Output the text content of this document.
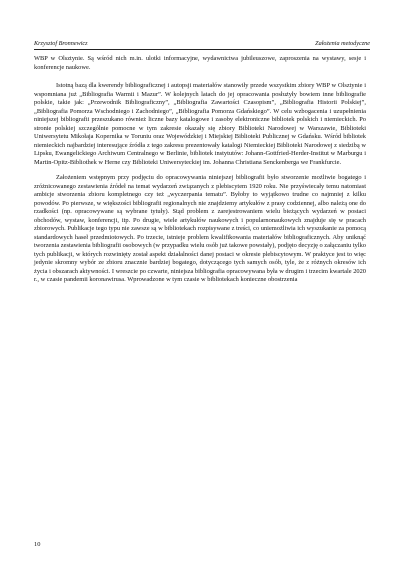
Krzysztof Bronnewicz	Założenia metodyczne

WBP w Olsztynie. Są wśród nich m.in. ulotki informacyjne, wydawnictwa jubileuszowe, zaproszenia na wystawy, sesje i konferencje naukowe.

Istotną bazą dla kwerendy bibliograficznej i autopsji materiałów stanowiły przede wszystkim zbiory WBP w Olsztynie i wspomniana już „Bibliografia Warmii i Mazur”. W kolejnych latach do jej opracowania posłużyły bowiem inne bibliografie polskie, takie jak: „Przewodnik Bibliograficzny”, „Bibliografia Zawartości Czasopism”, „Bibliografia Historii Polskiej”, „Bibliografia Pomorza Wschodniego i Zachodniego”, „Bibliografia Pomorza Gdańskiego”. W celu wzbogacenia i uzupełnienia niniejszej bibliografii przeszukano również liczne bazy katalogowe i zasoby elektroniczne bibliotek polskich i niemieckich. Po stronie polskiej szczególnie pomocne w tym zakresie okazały się zbiory Biblioteki Narodowej w Warszawie, Biblioteki Uniwersytetu Mikołaja Kopernika w Toruniu oraz Wojewódzkiej i Miejskiej Biblioteki Publicznej w Gdańsku. Wśród bibliotek niemieckich najbardziej interesujące źródła z tego zakresu prezentowały katalogi Niemieckiej Biblioteki Narodowej z siedzibą w Lipsku, Ewangelickiego Archiwum Centralnego w Berlinie, bibliotek instytutów: Johann-Gottfried-Herder-Institut w Marburgu i Martin-Opitz-Bibliothek w Herne czy Biblioteki Uniwersyteckiej im. Johanna Christiana Senckenberga we Frankfurcie.

Założeniem wstępnym przy podjęciu do opracowywania niniejszej bibliografii było stworzenie możliwie bogatego i zróżnicowanego zestawienia źródeł na temat wydarzeń związanych z plebiscytem 1920 roku. Nie przyświecały temu natomiast ambicje stworzenia zbioru kompletnego czy też „wyczerpania tematu”. Byłoby to wyjątkowo trudne co najmniej z kilku powodów. Po pierwsze, w większości bibliografii regionalnych nie znajdziemy artykułów z prasy codziennej, albo należą one do rzadkości (np. opracowywane są wybrane tytuły). Stąd problem z zarejestrowaniem wielu bieżących wydarzeń w postaci obchodów, wystaw, konferencji, itp. Po drugie, wiele artykułów naukowych i popularnonaukowych znajduje się w pracach zbiorowych. Publikacje tego typu nie zawsze są w bibliotekach rozpisywane z treści, co uniemożliwia ich wyszukanie za pomocą standardowych haseł przedmiotowych. Po trzecie, istnieje problem kwalifikowania materiałów bibliograficznych. Aby uniknąć tworzenia zestawienia bibliografii osobowych (w przypadku wielu osób już takowe powstały), podjęto decyzję o załączaniu tylko tych publikacji, w których rozwinięty został aspekt działalności danej postaci w okresie plebiscytowym. W praktyce jest to więc jedynie skromny wybór ze zbioru znacznie bardziej bogatego, dotyczącego tych samych osób, tyle, że z różnych okresów ich życia i obszarach aktywności. I wreszcie po czwarte, niniejsza bibliografia opracowywana była w drugim i trzecim kwartale 2020 r., w czasie pandemii koronawirusa. Wprowadzone w tym czasie w bibliotekach konieczne obostrzenia

10
